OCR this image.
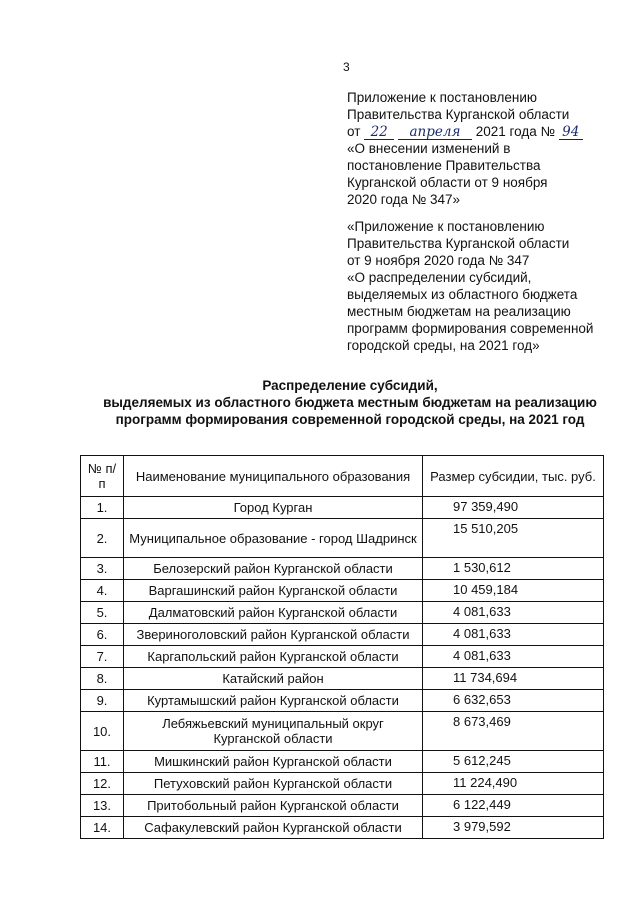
3
Приложение к постановлению
Правительства Курганской области
от 22 апреля 2021 года № 94
«О внесении изменений в
постановление Правительства
Курганской области от 9 ноября
2020 года № 347»
«Приложение к постановлению
Правительства Курганской области
от 9 ноября 2020 года № 347
«О распределении субсидий,
выделяемых из областного бюджета
местным бюджетам на реализацию
программ формирования современной
городской среды, на 2021 год»
Распределение субсидий,
выделяемых из областного бюджета местным бюджетам на реализацию
программ формирования современной городской среды, на 2021 год
№ п/п	Наименование муниципального образования	Размер субсидии, тыс. руб.
1.	Город Курган	97 359,490
2.	Муниципальное образование - город Шадринск	15 510,205
3.	Белозерский район Курганской области	1 530,612
4.	Варгашинский район Курганской области	10 459,184
5.	Далматовский район Курганской области	4 081,633
6.	Звериноголовский район Курганской области	4 081,633
7.	Каргапольский район Курганской области	4 081,633
8.	Катайский район	11 734,694
9.	Куртамышский район Курганской области	6 632,653
10.	Лебяжьевский муниципальный округ Курганской области	8 673,469
11.	Мишкинский район Курганской области	5 612,245
12.	Петуховский район Курганской области	11 224,490
13.	Притобольный район Курганской области	6 122,449
14.	Сафакулевский район Курганской области	3 979,592
